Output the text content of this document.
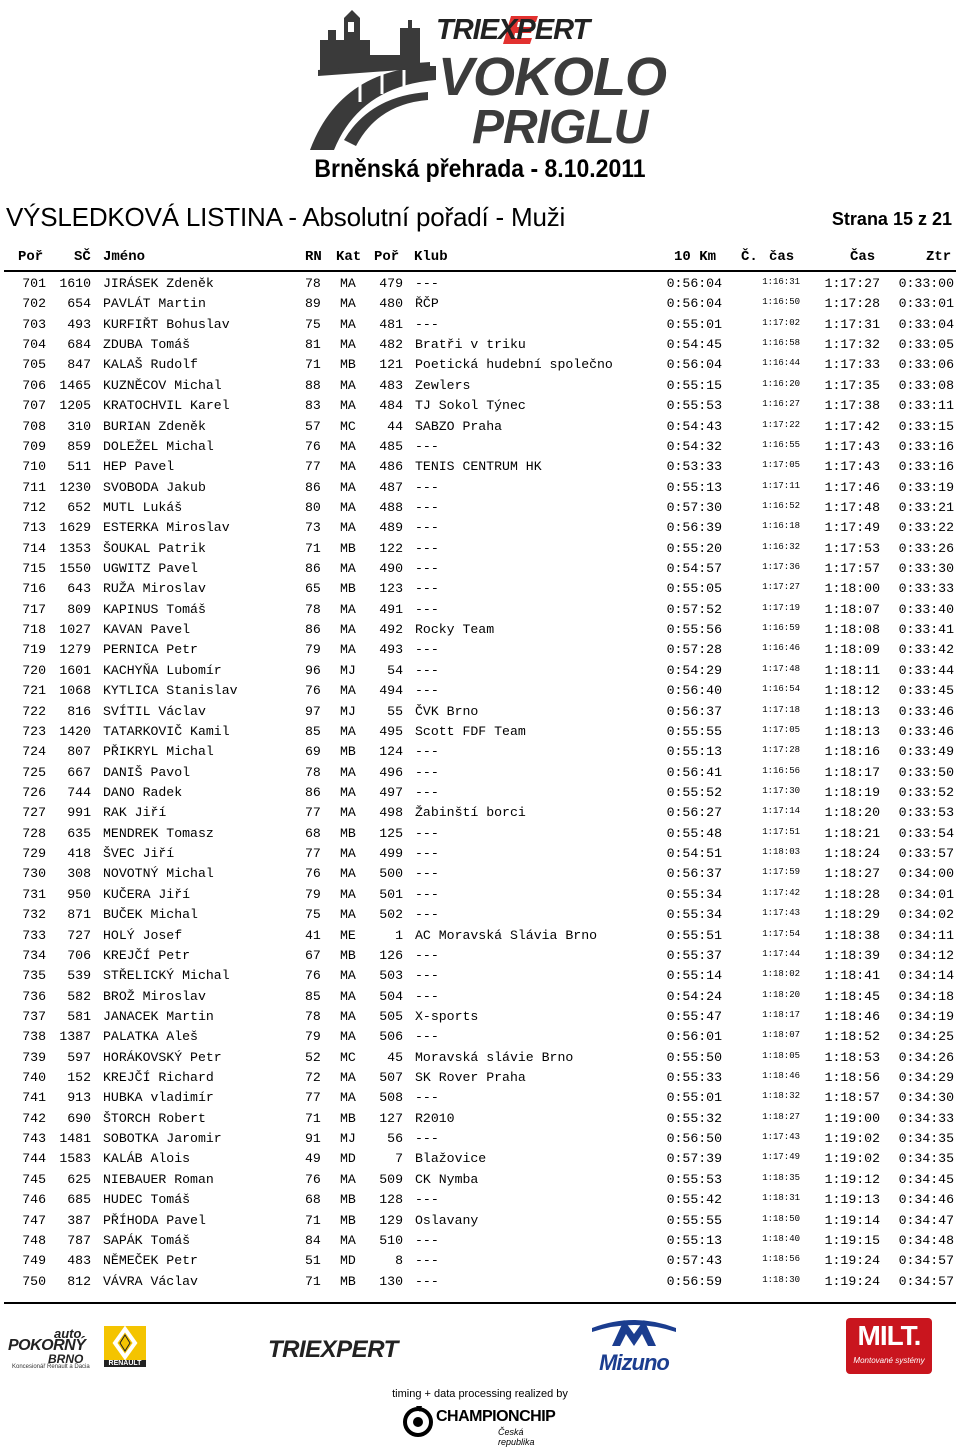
TRIEXPERT
VOKOLO
PRIGLU
Brněnská přehrada - 8.10.2011
VÝSLEDKOVÁ LISTINA - Absolutní pořadí - Muži	Strana 15 z 21
Poř SČ Jméno	RN Kat Poř Klub	10 Km Č. čas	Čas	Ztr
701	1610 JIRÁSEK Zdeněk	78 MA	479 ---	0:56:04	1:16:31	1:17:27	0:33:00
702	654 PAVLÁT Martin	89 MA	480 ŘČP	0:56:04	1:16:50	1:17:28	0:33:01
703	493 KURFIŘT Bohuslav	75 MA	481 ---	0:55:01	1:17:02	1:17:31	0:33:04
704	684 ZDUBA Tomáš	81 MA	482 Bratři v triku	0:54:45	1:16:58	1:17:32	0:33:05
705	847 KALAŠ Rudolf	71 MB	121 Poetická hudební společno	0:56:04	1:16:44	1:17:33	0:33:06
706	1465 KUZNĚCOV Michal	88 MA	483 Zewlers	0:55:15	1:16:20	1:17:35	0:33:08
707	1205 KRATOCHVIL Karel	83 MA	484 TJ Sokol Týnec	0:55:53	1:16:27	1:17:38	0:33:11
708	310 BURIAN Zdeněk	57 MC	44 SABZO Praha	0:54:43	1:17:22	1:17:42	0:33:15
709	859 DOLEŽEL Michal	76 MA	485 ---	0:54:32	1:16:55	1:17:43	0:33:16
710	511 HEP Pavel	77 MA	486 TENIS CENTRUM HK	0:53:33	1:17:05	1:17:43	0:33:16
711	1230 SVOBODA Jakub	86 MA	487 ---	0:55:13	1:17:11	1:17:46	0:33:19
712	652 MUTL Lukáš	80 MA	488 ---	0:57:30	1:16:52	1:17:48	0:33:21
713	1629 ESTERKA Miroslav	73 MA	489 ---	0:56:39	1:16:18	1:17:49	0:33:22
714	1353 ŠOUKAL Patrik	71 MB	122 ---	0:55:20	1:16:32	1:17:53	0:33:26
715	1550 UGWITZ Pavel	86 MA	490 ---	0:54:57	1:17:36	1:17:57	0:33:30
716	643 RUŽA Miroslav	65 MB	123 ---	0:55:05	1:17:27	1:18:00	0:33:33
717	809 KAPINUS Tomáš	78 MA	491 ---	0:57:52	1:17:19	1:18:07	0:33:40
718	1027 KAVAN Pavel	86 MA	492 Rocky Team	0:55:56	1:16:59	1:18:08	0:33:41
719	1279 PERNICA Petr	79 MA	493 ---	0:57:28	1:16:46	1:18:09	0:33:42
720	1601 KACHYŇA Lubomír	96 MJ	54 ---	0:54:29	1:17:48	1:18:11	0:33:44
721	1068 KYTLICA Stanislav	76 MA	494 ---	0:56:40	1:16:54	1:18:12	0:33:45
722	816 SVÍTIL Václav	97 MJ	55 ČVK Brno	0:56:37	1:17:18	1:18:13	0:33:46
723	1420 TATARKOVIČ Kamil	85 MA	495 Scott FDF Team	0:55:55	1:17:05	1:18:13	0:33:46
724	807 PŘIKRYL Michal	69 MB	124 ---	0:55:13	1:17:28	1:18:16	0:33:49
725	667 DANIŠ Pavol	78 MA	496 ---	0:56:41	1:16:56	1:18:17	0:33:50
726	744 DANO Radek	86 MA	497 ---	0:55:52	1:17:30	1:18:19	0:33:52
727	991 RAK Jiří	77 MA	498 Žabinští borci	0:56:27	1:17:14	1:18:20	0:33:53
728	635 MENDREK Tomasz	68 MB	125 ---	0:55:48	1:17:51	1:18:21	0:33:54
729	418 ŠVEC Jiří	77 MA	499 ---	0:54:51	1:18:03	1:18:24	0:33:57
730	308 NOVOTNÝ Michal	76 MA	500 ---	0:56:37	1:17:59	1:18:27	0:34:00
731	950 KUČERA Jiří	79 MA	501 ---	0:55:34	1:17:42	1:18:28	0:34:01
732	871 BUČEK Michal	75 MA	502 ---	0:55:34	1:17:43	1:18:29	0:34:02
733	727 HOLÝ Josef	41 ME	1 AC Moravská Slávia Brno	0:55:51	1:17:54	1:18:38	0:34:11
734	706 KREJČÍ Petr	67 MB	126 ---	0:55:37	1:17:44	1:18:39	0:34:12
735	539 STŘELICKÝ Michal	76 MA	503 ---	0:55:14	1:18:02	1:18:41	0:34:14
736	582 BROŽ Miroslav	85 MA	504 ---	0:54:24	1:18:20	1:18:45	0:34:18
737	581 JANACEK Martin	78 MA	505 X-sports	0:55:47	1:18:17	1:18:46	0:34:19
738	1387 PALATKA Aleš	79 MA	506 ---	0:56:01	1:18:07	1:18:52	0:34:25
739	597 HORÁKOVSKÝ Petr	52 MC	45 Moravská slávie Brno	0:55:50	1:18:05	1:18:53	0:34:26
740	152 KREJČÍ Richard	72 MA	507 SK Rover Praha	0:55:33	1:18:46	1:18:56	0:34:29
741	913 HUBKA vladimír	77 MA	508 ---	0:55:01	1:18:32	1:18:57	0:34:30
742	690 ŠTORCH Robert	71 MB	127 R2010	0:55:32	1:18:27	1:19:00	0:34:33
743	1481 SOBOTKA Jaromir	91 MJ	56 ---	0:56:50	1:17:43	1:19:02	0:34:35
744	1583 KALÁB Alois	49 MD	7 Blažovice	0:57:39	1:17:49	1:19:02	0:34:35
745	625 NIEBAUER Roman	76 MA	509 CK Nymba	0:55:53	1:18:35	1:19:12	0:34:45
746	685 HUDEC Tomáš	68 MB	128 ---	0:55:42	1:18:31	1:19:13	0:34:46
747	387 PŘÍHODA Pavel	71 MB	129 Oslavany	0:55:55	1:18:50	1:19:14	0:34:47
748	787 SAPÁK Tomáš	84 MA	510 ---	0:55:13	1:18:40	1:19:15	0:34:48
749	483 NĚMEČEK Petr	51 MD	8 ---	0:57:43	1:18:56	1:19:24	0:34:57
750	812 VÁVRA Václav	71 MB	130 ---	0:56:59	1:18:30	1:19:24	0:34:57
auto
POKORNÝ
BRNO
Koncesionář Renault a Dacia	RENAULT
TRIEXPERT	Mizuno
MILT.
Montované systémy
timing + data processing realized by
CHAMPIONCHIP
Česká republika
